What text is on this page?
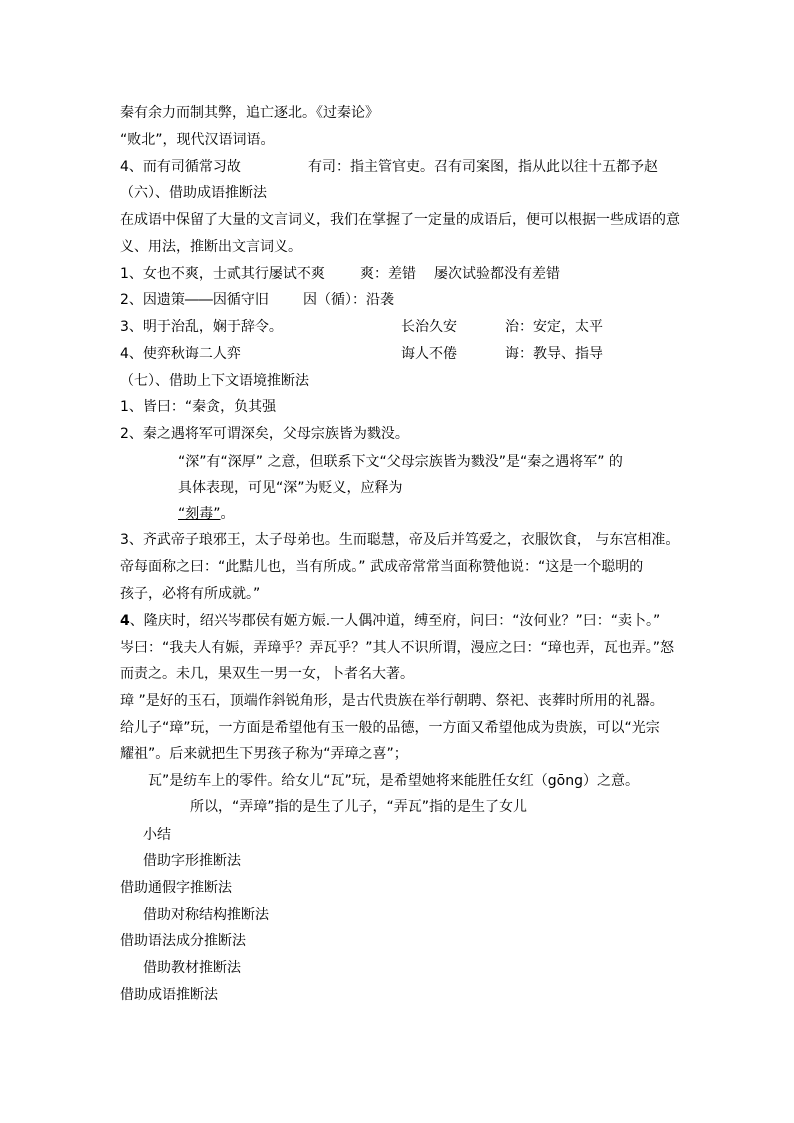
秦有余力而制其弊，追亡逐北。《过秦论》
“败北”，现代汉语词语。
4、而有司循常习故	有司：指主管官吏。召有司案图，指从此以往十五都予赵
（六）、借助成语推断法
在成语中保留了大量的文言词义，我们在掌握了一定量的成语后，便可以根据一些成语的意
义、用法，推断出文言词义。
1、女也不爽，士贰其行屡试不爽	爽：差错 屡次试验都没有差错
2、因遗策――因循守旧 因（循）：沿袭
3、明于治乱，娴于辞令。	长治久安	治：安定，太平
4、使弈秋诲二人弈	诲人不倦	诲：教导、指导
（七）、借助上下文语境推断法
1、皆曰：“秦贪，负其强
2、秦之遇将军可谓深矣，父母宗族皆为戮没。
“深”有“深厚” 之意，但联系下文“父母宗族皆为戮没”是“秦之遇将军” 的
具体表现，可见“深”为贬义，应释为
“刻毒”。
3、齐武帝子琅邪王，太子母弟也。生而聪慧，帝及后并笃爱之，衣服饮食， 与东宫相准。
帝每面称之曰：“此黠儿也，当有所成。” 武成帝常常当面称赞他说：“这是一个聪明的
孩子，必将有所成就。”
4、隆庆时，绍兴岑郡侯有姬方娠.一人偶冲道，缚至府，问曰：“汝何业？”曰：“卖卜。”
岑曰：“我夫人有娠，弄璋乎？弄瓦乎？”其人不识所谓，漫应之曰：“璋也弄，瓦也弄。”怒
而责之。未几，果双生一男一女，卜者名大著。
璋 ”是好的玉石，顶端作斜锐角形，是古代贵族在举行朝聘、祭祀、丧葬时所用的礼器。
给儿子“璋”玩，一方面是希望他有玉一般的品德，一方面又希望他成为贵族，可以“光宗
耀祖”。后来就把生下男孩子称为“弄璋之喜”；
瓦”是纺车上的零件。给女儿“瓦”玩，是希望她将来能胜任女红（gōng）之意。
所以，“弄璋”指的是生了儿子，“弄瓦”指的是生了女儿
小结
借助字形推断法
借助通假字推断法
借助对称结构推断法
借助语法成分推断法
借助教材推断法
借助成语推断法
